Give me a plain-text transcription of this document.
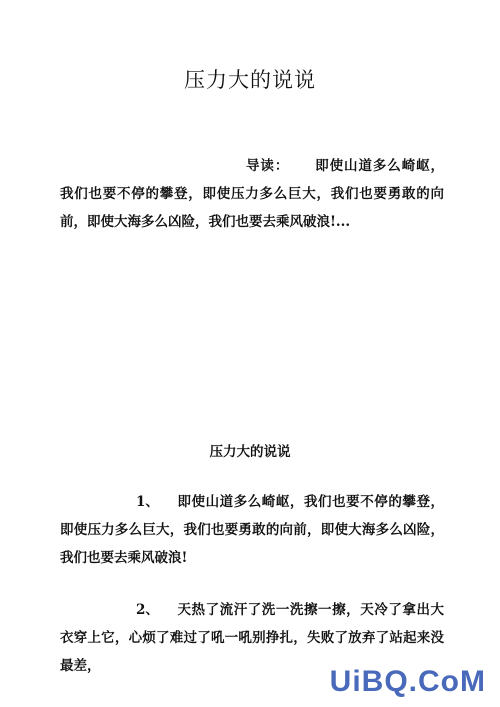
压力大的说说
导读： 即使山道多么崎岖，我们也要不停的攀登，即使压力多么巨大，我们也要勇敢的向前，即使大海多么凶险，我们也要去乘风破浪!...
压力大的说说
1、 即使山道多么崎岖，我们也要不停的攀登，即使压力多么巨大，我们也要勇敢的向前，即使大海多么凶险，我们也要去乘风破浪!
2、 天热了流汗了洗一洗擦一擦，天冷了拿出大衣穿上它，心烦了难过了吼一吼别挣扎，失败了放弃了站起来没最差，	UiBQ.CoM
